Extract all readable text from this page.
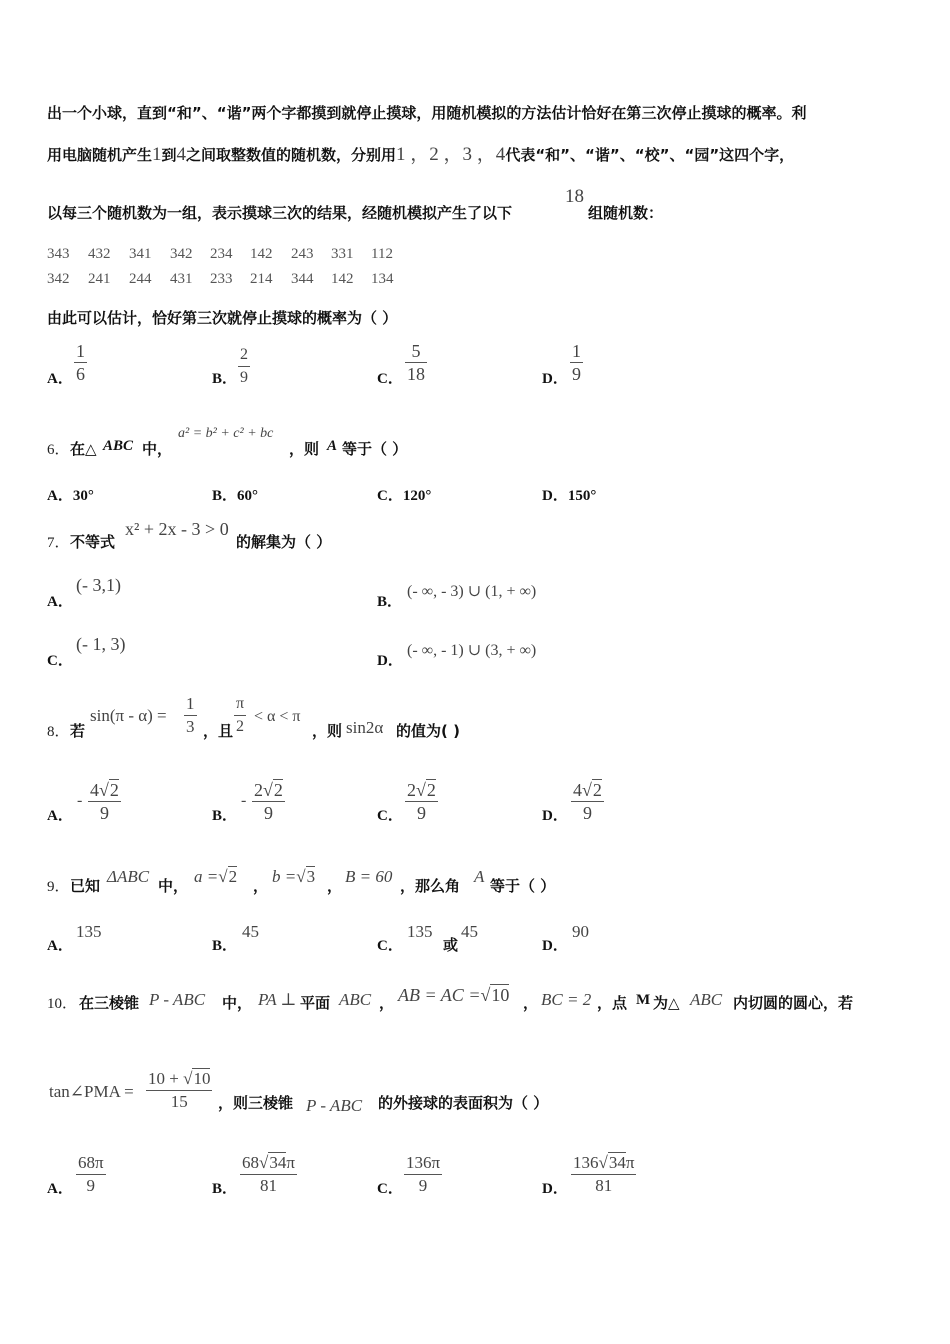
出一个小球，直到“和”、“谐”两个字都摸到就停止摸球，用随机模拟的方法估计恰好在第三次停止摸球的概率。利
用电脑随机产生1到4之间取整数值的随机数，分别用1 ，2 ，3 ，4代表“和”、“谐”、“校”、“园”这四个字，
以每三个随机数为一组，表示摸球三次的结果，经随机模拟产生了以下
18
组随机数：
343 432 341 342 234 142 243 331 112
342 241 244 431 233 214 344 142 134
由此可以估计，恰好第三次就停止摸球的概率为（ ）
A． $\frac{1}{6}$	B． $\frac{2}{9}$	C． $\frac{5}{18}$	D． $\frac{1}{9}$
6． 在△ ABC 中，
a² = b² + c² + bc
，则 A 等于（ ）
A．30°	B．60°	C．120°	D．150°
7． 不等式
x² + 2x - 3 > 0
的解集为（ ）
A．
(- 3,1)
B．
(- ∞, - 3) ∪ (1, + ∞)
C．
(- 1, 3)
D．
(- ∞, - 1) ∪ (3, + ∞)
8． 若
$\sin(\pi - \alpha) = \frac{1}{3}$ ，且 $\frac{\pi}{2} < \alpha < \pi$
，则 sin2α 的值为( )
A．
- $\frac{4√2}{9}$	B．
- $\frac{2√2}{9}$	C． $\frac{2√2}{9}$	D． $\frac{4√2}{9}$
9． 已知 ΔABC 中， a =√2 ， b =√3 ， B = 60 ，那么角 A 等于（ ）
A．
135
B．
45
C．
135
或
45
D．
90
10． 在三棱锥 P - ABC 中， PA ⊥ 平面 ABC ， AB = AC =√10 ， BC = 2 ，点 M 为△ ABC 内切圆的圆心，若
tan∠PMA = $\frac{10 + √10}{15}$ ，则三棱锥 P - ABC 的外接球的表面积为（ ）
A． $\frac{68\pi}{9}$	B． $\frac{68√34\pi}{81}$	C． $\frac{136\pi}{9}$	D． $\frac{136√34\pi}{81}$
